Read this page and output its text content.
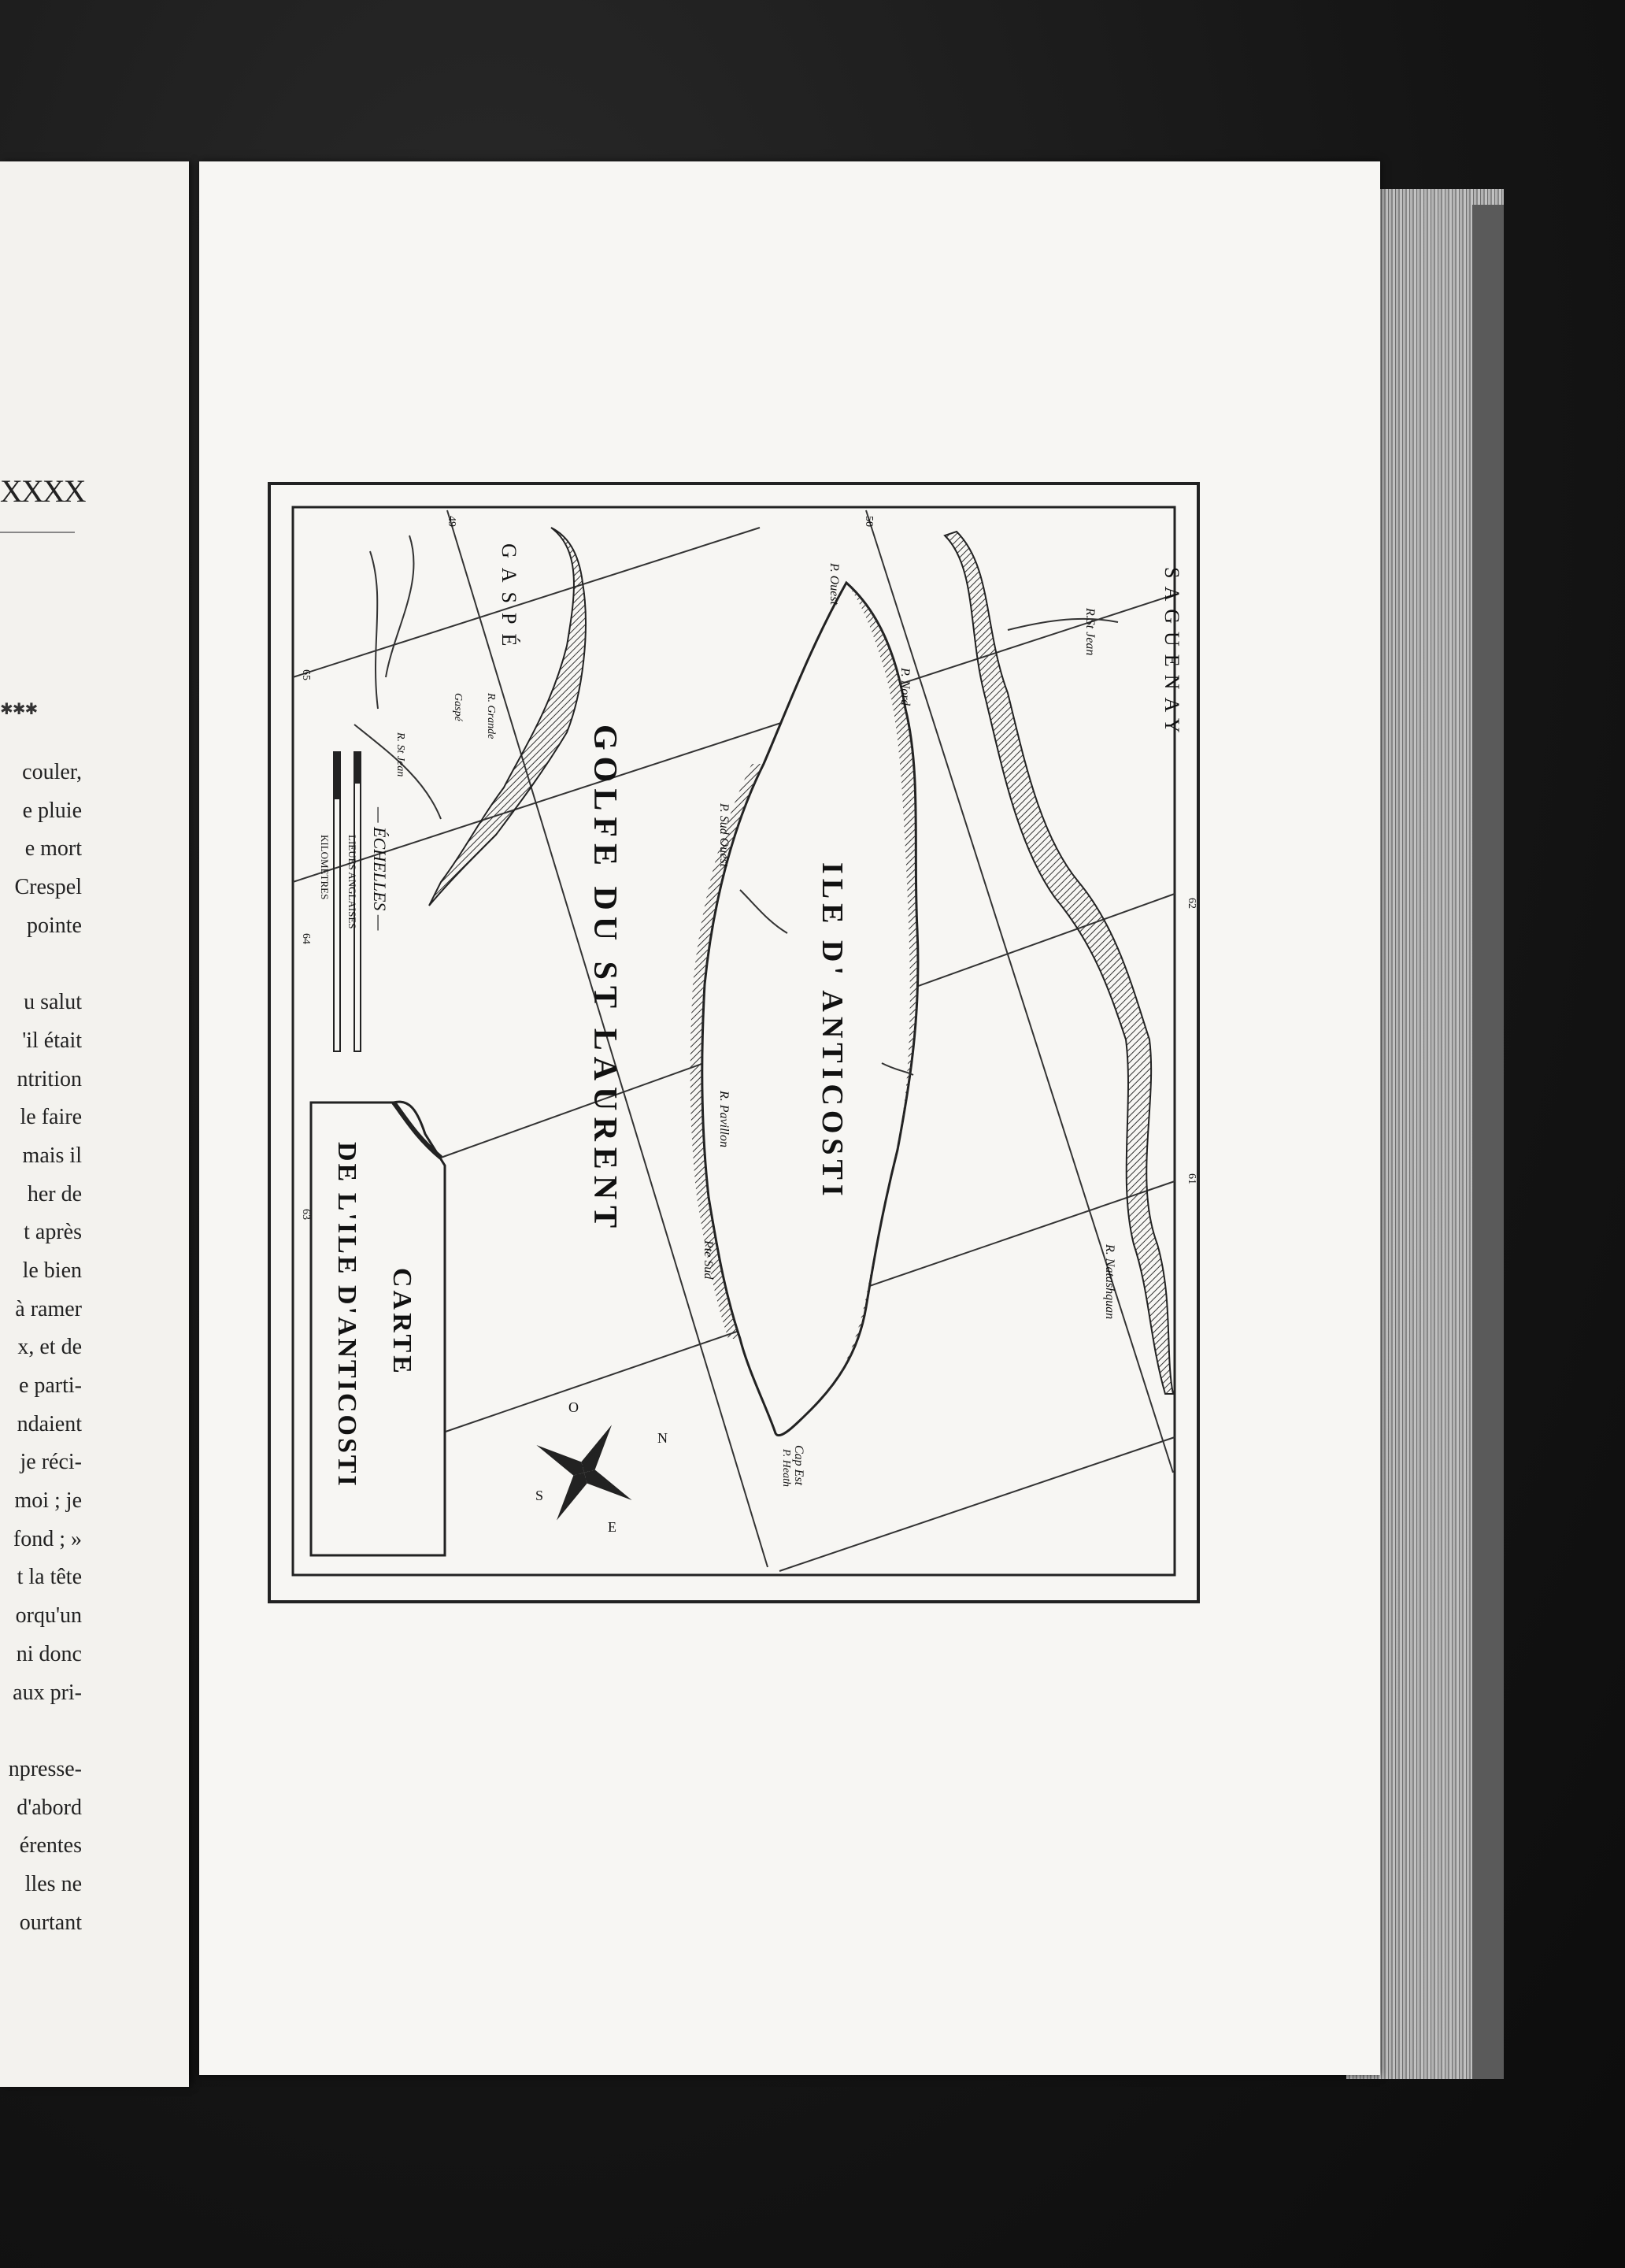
XXXX
✱✱✱
couler,
e pluie
e mort
Crespel
pointe
u salut
'il était
ntrition
le faire
mais il
her de
t après
le bien
à ramer
x, et de
e parti-
ndaient
je réci-
moi ; je
fond ; »
t la tête
orqu'un
ni donc
aux pri-
npresse-
d'abord
érentes
lles ne
ourtant
CARTE
DE L'ILE D'ANTICOSTI
GOLFE DU ST LAURENT	ILE D' ANTICOSTI
GASPÉ	SAGUENAY
— ÉCHELLES —
LIEUES ANGLAISES
KILOMETRES
N
S
E
O
R.St Jean
P. Ouest
P. Nord
R. Pavillon
P. Sud Ouest
Pte Sud
Cap Est
R. Natashquan
R. St Jean
R. Grande
Gaspé
P. Heath
65
64
63
62
61
50
49
